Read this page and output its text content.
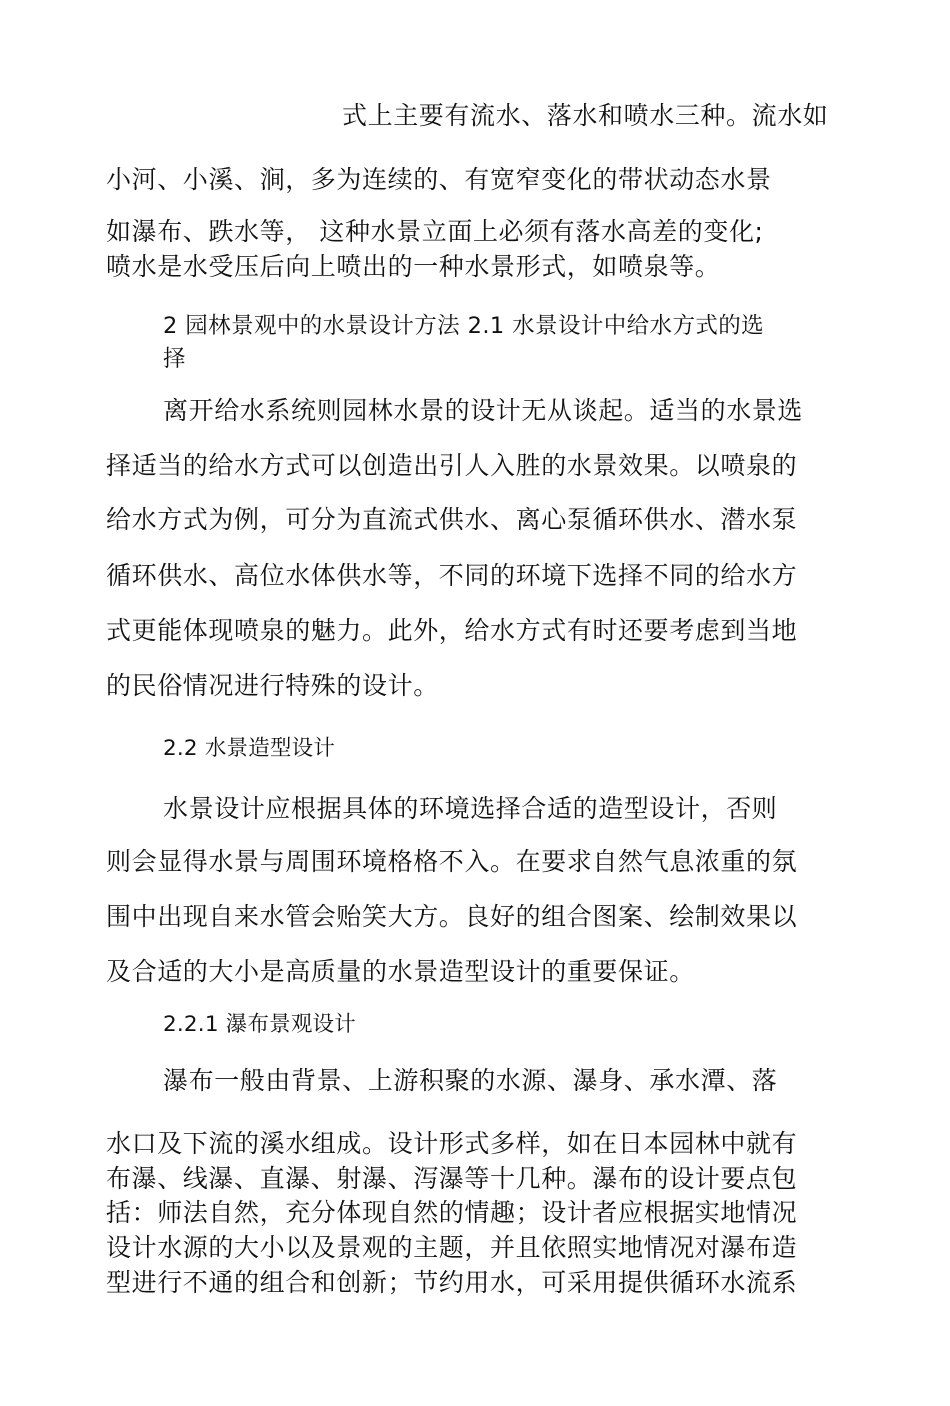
式上主要有流水、落水和喷水三种。流水如

小河、小溪、涧，多为连续的、有宽窄变化的带状动态水景

如瀑布、跌水等， 这种水景立面上必须有落水高差的变化;

喷水是水受压后向上喷出的一种水景形式，如喷泉等。

2 园林景观中的水景设计方法 2.1 水景设计中给水方式的选

择

离开给水系统则园林水景的设计无从谈起。适当的水景选

择适当的给水方式可以创造出引人入胜的水景效果。以喷泉的

给水方式为例，可分为直流式供水、离心泵循环供水、潜水泵

循环供水、高位水体供水等，不同的环境下选择不同的给水方

式更能体现喷泉的魅力。此外，给水方式有时还要考虑到当地

的民俗情况进行特殊的设计。

2.2 水景造型设计

水景设计应根据具体的环境选择合适的造型设计，否则

则会显得水景与周围环境格格不入。在要求自然气息浓重的氛

围中出现自来水管会贻笑大方。良好的组合图案、绘制效果以

及合适的大小是高质量的水景造型设计的重要保证。

2.2.1 瀑布景观设计

瀑布一般由背景、上游积聚的水源、瀑身、承水潭、落

水口及下流的溪水组成。设计形式多样，如在日本园林中就有

布瀑、线瀑、直瀑、射瀑、泻瀑等十几种。瀑布的设计要点包

括：师法自然，充分体现自然的情趣；设计者应根据实地情况

设计水源的大小以及景观的主题，并且依照实地情况对瀑布造

型进行不通的组合和创新；节约用水，可采用提供循环水流系
